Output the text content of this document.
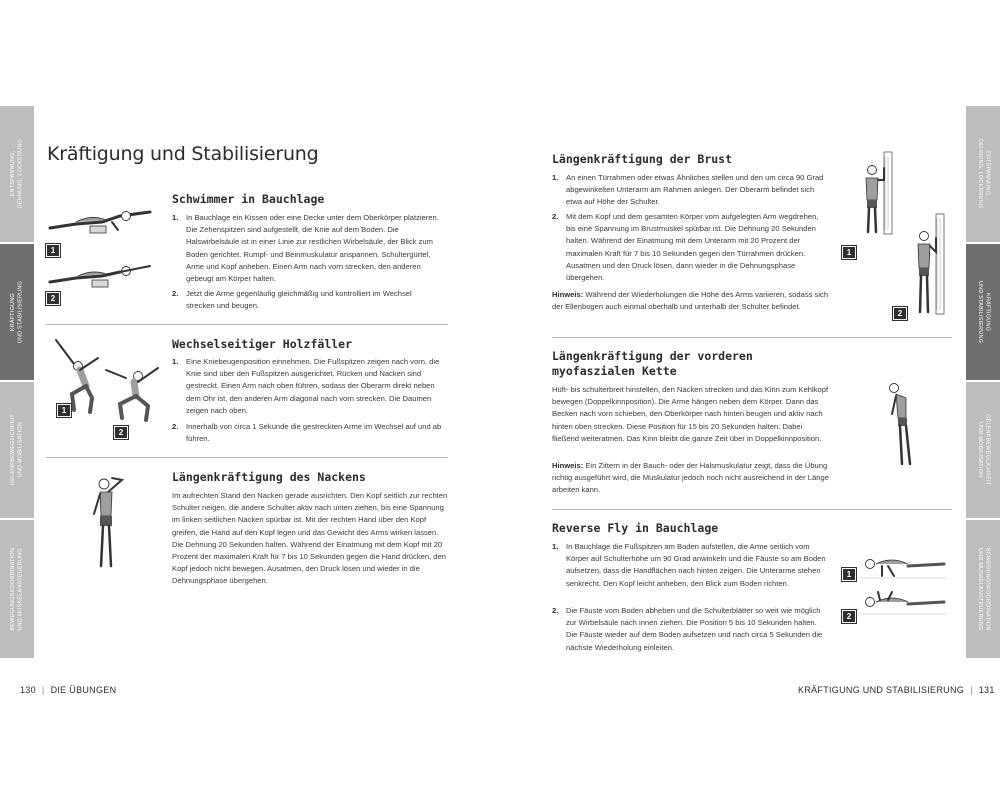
ENTSPANNUNG,
DEHNUNG, LOCKERUNG
KRÄFTIGUNG
UND STABILISIERUNG
GELENKBEWEGLICHKEIT
UND MOBILISATION
BEWEGUNGSKOORDINATION
UND MUSKELANSTEUERUNG
ENTSPANNUNG,
DEHNUNG, LOCKERUNG
KRÄFTIGUNG
UND STABILISIERUNG
GELENKBEWEGLICHKEIT
UND MOBILISATION
BEWEGUNGSKOORDINATION
UND MUSKELANSTEUERUNG
Kräftigung und Stabilisierung
1
2
Schwimmer in Bauchlage
1. In Bauchlage ein Kissen oder eine Decke unter dem Oberkörper platzieren. Die Zehenspitzen sind aufgestellt, die Knie auf dem Boden. Die Halswirbelsäule ist in einer Linie zur restlichen Wirbelsäule, der Blick zum Boden gerichtet. Rumpf- und Beinmuskulatur anspannen. Schultergürtel, Arme und Kopf anheben. Einen Arm nach vorn strecken, den anderen gebeugt am Körper halten.
2. Jetzt die Arme gegenläufig gleichmäßig und kontrolliert im Wechsel strecken und beugen.
1
2
Wechselseitiger Holzfäller
1. Eine Kniebeugenposition einnehmen. Die Fußspitzen zeigen nach vorn, die Knie sind über den Fußspitzen ausgerichtet. Rücken und Nacken sind gestreckt. Einen Arm nach oben führen, sodass der Oberarm direkt neben dem Ohr ist, den anderen Arm diagonal nach vorn strecken. Die Daumen zeigen nach oben.
2. Innerhalb von circa 1 Sekunde die gestreckten Arme im Wechsel auf und ab führen.
Längenkräftigung des Nackens
Im aufrechten Stand den Nacken gerade ausrichten. Den Kopf seitlich zur rechten Schulter neigen, die andere Schulter aktiv nach unten ziehen, bis eine Spannung im linken seitlichen Nacken spürbar ist. Mit der rechten Hand über den Kopf greifen, die Hand auf den Kopf legen und das Gewicht des Arms wirken lassen. Die Dehnung 20 Sekunden halten. Während der Einatmung mit dem Kopf mit 20 Prozent der maximalen Kraft für 7 bis 10 Sekunden gegen die Hand drücken, den Kopf jedoch nicht bewegen. Ausatmen, den Druck lösen und wieder in die Dehnungsphase übergehen.
130 | DIE ÜBUNGEN
Längenkräftigung der Brust
1. An einen Türrahmen oder etwas Ähnliches stellen und den um circa 90 Grad abgewinkelten Unterarm am Rahmen anlegen. Der Oberarm befindet sich etwa auf Höhe der Schulter.
2. Mit dem Kopf und dem gesamten Körper vom aufgelegten Arm wegdrehen, bis eine Spannung im Brustmuskel spürbar ist. Die Dehnung 20 Sekunden halten. Während der Einatmung mit dem Unterarm mit 20 Prozent der maximalen Kraft für 7 bis 10 Sekunden gegen den Türrahmen drücken. Ausatmen und den Druck lösen, dann wieder in die Dehnungsphase übergehen.
Hinweis: Während der Wiederholungen die Höhe des Arms variieren, sodass sich der Ellenbogen auch einmal oberhalb und unterhalb der Schulter befindet.
1
2
Längenkräftigung der vorderen myofaszialen Kette
Hüft- bis schulterbreit hinstellen, den Nacken strecken und das Kinn zum Kehlkopf bewegen (Doppelkinnposition). Die Arme hängen neben dem Körper. Dann das Becken nach vorn schieben, den Oberkörper nach hinten beugen und aktiv nach hinten oben strecken. Diese Position für 15 bis 20 Sekunden halten. Dabei fließend weiteratmen. Das Kinn bleibt die ganze Zeit über in Doppelkinnposition.
Hinweis: Ein Zittern in der Bauch- oder der Halsmuskulatur zeigt, dass die Übung richtig ausgeführt wird, die Muskulatur jedoch noch nicht ausreichend in der Länge arbeiten kann.
Reverse Fly in Bauchlage
1. In Bauchlage die Fußspitzen am Boden aufstellen, die Arme seitlich vom Körper auf Schulterhöhe um 90 Grad anwinkeln und die Fäuste so am Boden aufsetzen, dass die Handflächen nach hinten zeigen. Die Unterarme stehen senkrecht. Den Kopf leicht anheben, den Blick zum Boden richten.
2. Die Fäuste vom Boden abheben und die Schulterblätter so weit wie möglich zur Wirbelsäule nach innen ziehen. Die Position 5 bis 10 Sekunden halten. Die Fäuste wieder auf dem Boden aufsetzen und nach circa 5 Sekunden die nächste Wiederholung einleiten.
1
2
KRÄFTIGUNG UND STABILISIERUNG | 131
